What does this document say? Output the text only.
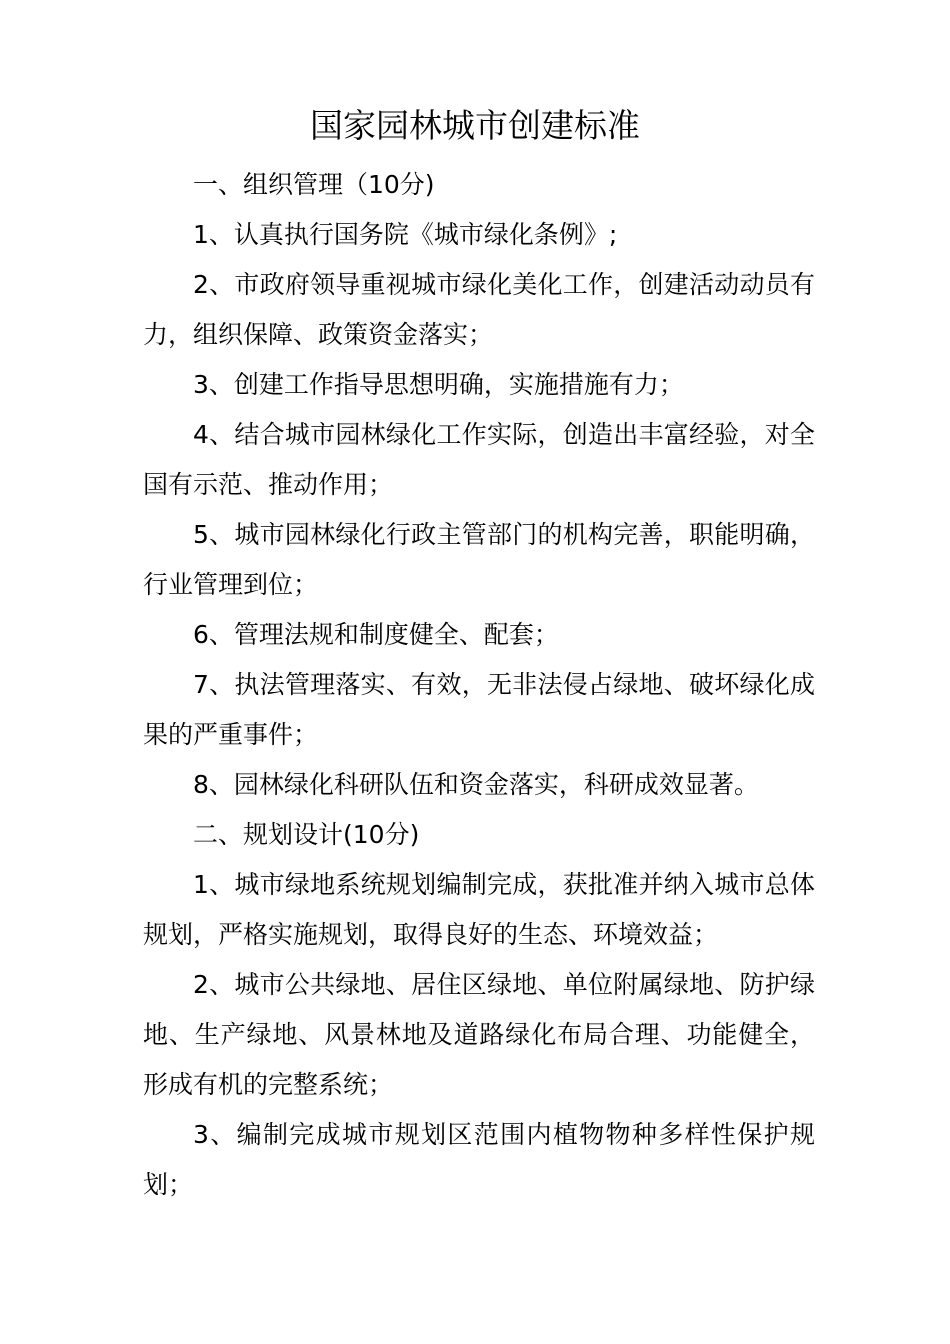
国家园林城市创建标准

一、组织管理（10分)

1、认真执行国务院《城市绿化条例》;

2、市政府领导重视城市绿化美化工作，创建活动动员有力，组织保障、政策资金落实；

3、创建工作指导思想明确，实施措施有力；

4、结合城市园林绿化工作实际，创造出丰富经验，对全国有示范、推动作用；

5、城市园林绿化行政主管部门的机构完善，职能明确，行业管理到位；

6、管理法规和制度健全、配套；

7、执法管理落实、有效，无非法侵占绿地、破坏绿化成果的严重事件；

8、园林绿化科研队伍和资金落实，科研成效显著。

二、规划设计(10分)

1、城市绿地系统规划编制完成，获批准并纳入城市总体规划，严格实施规划，取得良好的生态、环境效益；

2、城市公共绿地、居住区绿地、单位附属绿地、防护绿地、生产绿地、风景林地及道路绿化布局合理、功能健全，形成有机的完整系统；

3、编制完成城市规划区范围内植物物种多样性保护规划；
